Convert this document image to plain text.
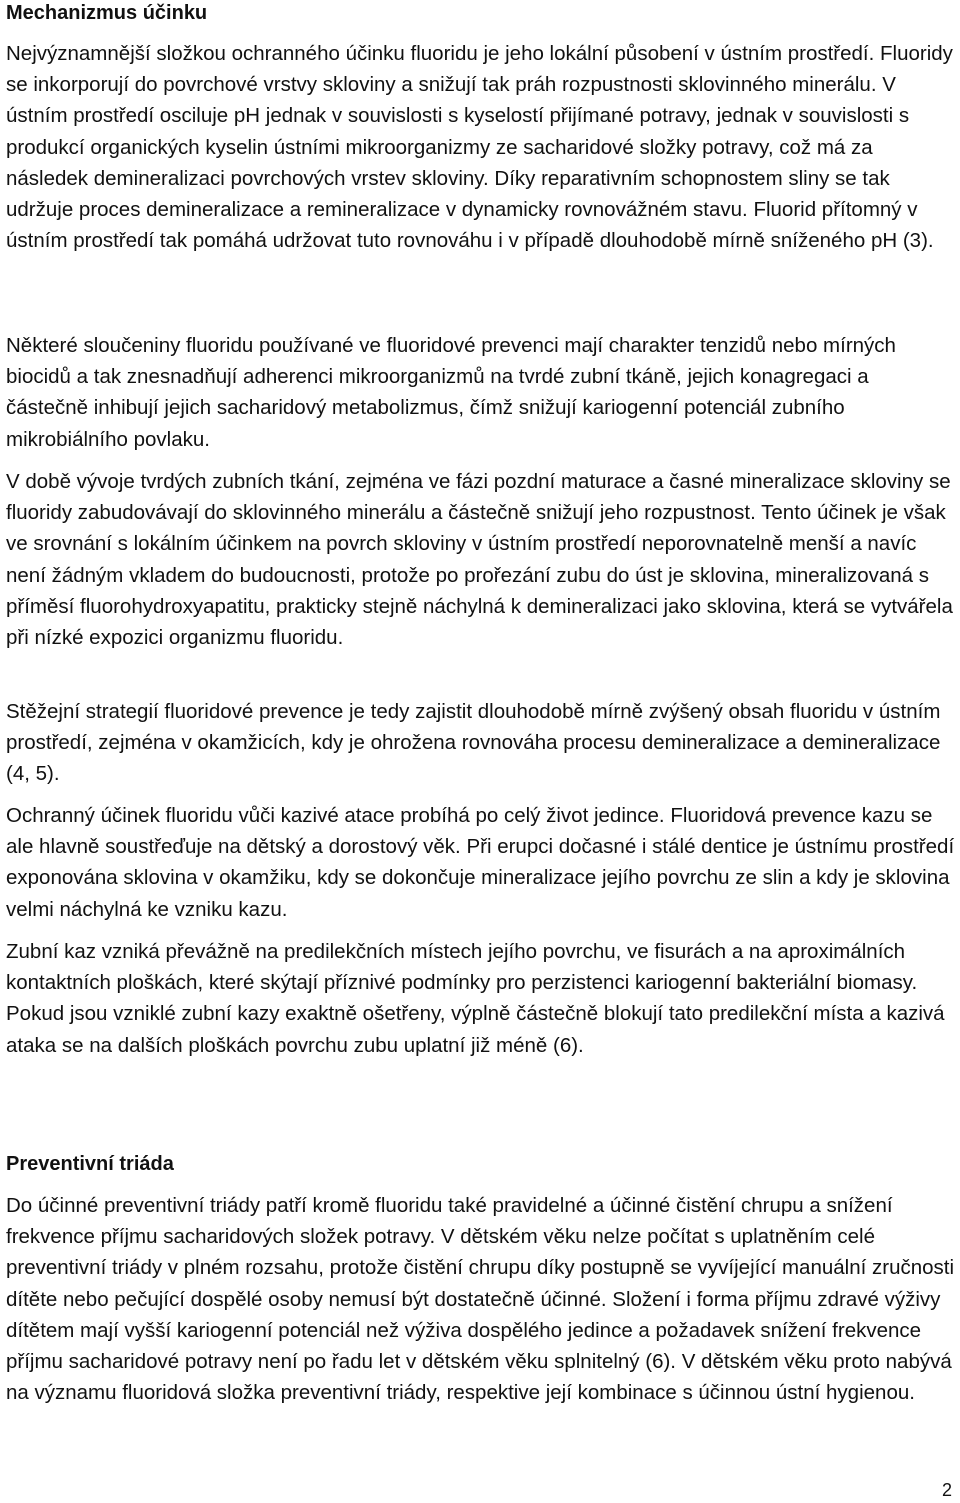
Mechanizmus účinku

Nejvýznamnější složkou ochranného účinku fluoridu je jeho lokální působení v ústním prostředí. Fluoridy se inkorporují do povrchové vrstvy skloviny a snižují tak práh rozpustnosti sklovinného minerálu. V ústním prostředí osciluje pH jednak v souvislosti s kyselostí přijímané potravy, jednak v souvislosti s produkcí organických kyselin ústními mikroorganizmy ze sacharidové složky potravy, což má za následek demineralizaci povrchových vrstev skloviny. Díky reparativním schopnostem sliny se tak udržuje proces demineralizace a remineralizace v dynamicky rovnovážném stavu. Fluorid přítomný v ústním prostředí tak pomáhá udržovat tuto rovnováhu i v případě dlouhodobě mírně sníženého pH (3).

Některé sloučeniny fluoridu používané ve fluoridové prevenci mají charakter tenzidů nebo mírných biocidů a tak znesnadňují adherenci mikroorganizmů na tvrdé zubní tkáně, jejich konagregaci a částečně inhibují jejich sacharidový metabolizmus, čímž snižují kariogenní potenciál zubního mikrobiálního povlaku.

V době vývoje tvrdých zubních tkání, zejména ve fázi pozdní maturace a časné mineralizace skloviny se fluoridy zabudovávají do sklovinného minerálu a částečně snižují jeho rozpustnost. Tento účinek je však ve srovnání s lokálním účinkem na povrch skloviny v ústním prostředí neporovnatelně menší a navíc není žádným vkladem do budoucnosti, protože po prořezání zubu do úst je sklovina, mineralizovaná s příměsí fluorohydroxyapatitu, prakticky stejně náchylná k demineralizaci jako sklovina, která se vytvářela při nízké expozici organizmu fluoridu.

Stěžejní strategií fluoridové prevence je tedy zajistit dlouhodobě mírně zvýšený obsah fluoridu v ústním prostředí, zejména v okamžicích, kdy je ohrožena rovnováha procesu demineralizace a demineralizace (4, 5).

Ochranný účinek fluoridu vůči kazivé atace probíhá po celý život jedince. Fluoridová prevence kazu se ale hlavně soustřeďuje na dětský a dorostový věk. Při erupci dočasné i stálé dentice je ústnímu prostředí exponována sklovina v okamžiku, kdy se dokončuje mineralizace jejího povrchu ze slin a kdy je sklovina velmi náchylná ke vzniku kazu.

Zubní kaz vzniká převážně na predilekčních místech jejího povrchu, ve fisurách a na aproximálních kontaktních ploškách, které skýtají příznivé podmínky pro perzistenci kariogenní bakteriální biomasy. Pokud jsou vzniklé zubní kazy exaktně ošetřeny, výplně částečně blokují tato predilekční místa a kazivá ataka se na dalších ploškách povrchu zubu uplatní již méně (6).

Preventivní triáda

Do účinné preventivní triády patří kromě fluoridu také pravidelné a účinné čistění chrupu a snížení frekvence příjmu sacharidových složek potravy. V dětském věku nelze počítat s uplatněním celé preventivní triády v plném rozsahu, protože čistění chrupu díky postupně se vyvíjející manuální zručnosti dítěte nebo pečující dospělé osoby nemusí být dostatečně účinné. Složení i forma příjmu zdravé výživy dítětem mají vyšší kariogenní potenciál než výživa dospělého jedince a požadavek snížení frekvence příjmu sacharidové potravy není po řadu let v dětském věku splnitelný (6). V dětském věku proto nabývá na významu fluoridová složka preventivní triády, respektive její kombinace s účinnou ústní hygienou.

2
